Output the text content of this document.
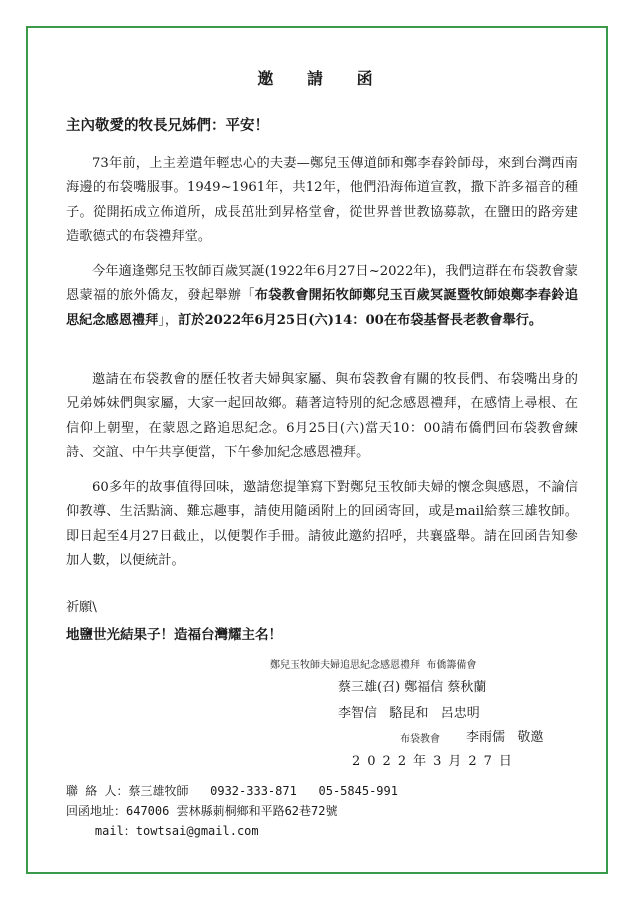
邀 請 函
主內敬愛的牧長兄姊們：平安！

73年前，上主差遣年輕忠心的夫妻—鄭兒玉傳道師和鄭李春鈴師母，來到台灣西南海邊的布袋嘴服事。1949~1961年，共12年，他們沿海佈道宣教，撒下許多福音的種子。從開拓成立佈道所，成長茁壯到昇格堂會，從世界普世教協募款，在鹽田的路旁建造歌德式的布袋禮拜堂。

今年適逢鄭兒玉牧師百歲冥誕(1922年6月27日~2022年)，我們這群在布袋教會蒙恩蒙福的旅外僑友，發起舉辦「布袋教會開拓牧師鄭兒玉百歲冥誕暨牧師娘鄭李春鈴追思紀念感恩禮拜」，訂於2022年6月25日(六)14：00在布袋基督長老教會舉行。

邀請在布袋教會的歷任牧者夫婦與家屬、與布袋教會有關的牧長們、布袋嘴出身的兄弟姊妹們與家屬，大家一起回故鄉。藉著這特別的紀念感恩禮拜，在感情上尋根、在信仰上朝聖，在蒙恩之路追思紀念。6月25日(六)當天10：00請布僑們回布袋教會練詩、交誼、中午共享便當，下午參加紀念感恩禮拜。

60多年的故事值得回味，邀請您提筆寫下對鄭兒玉牧師夫婦的懷念與感恩，不論信仰教導、生活點滴、難忘趣事，請使用隨函附上的回函寄回，或是mail給蔡三雄牧師。即日起至4月27日截止，以便製作手冊。請彼此邀約招呼，共襄盛舉。請在回函告知參加人數，以便統計。

祈願\
地鹽世光結果子！造福台灣耀主名！
鄭兒玉牧師夫婦追思紀念感恩禮拜  布僑籌備會
蔡三雄(召) 鄭福信 蔡秋蘭
李智信   駱昆和   呂忠明
布袋教會 李雨儒   敬邀
2022年3月27日
聯 絡 人：蔡三雄牧師   0932-333-871   05-5845-991
回函地址：647006 雲林縣莿桐鄉和平路62巷72號
mail：towtsai@gmail.com
